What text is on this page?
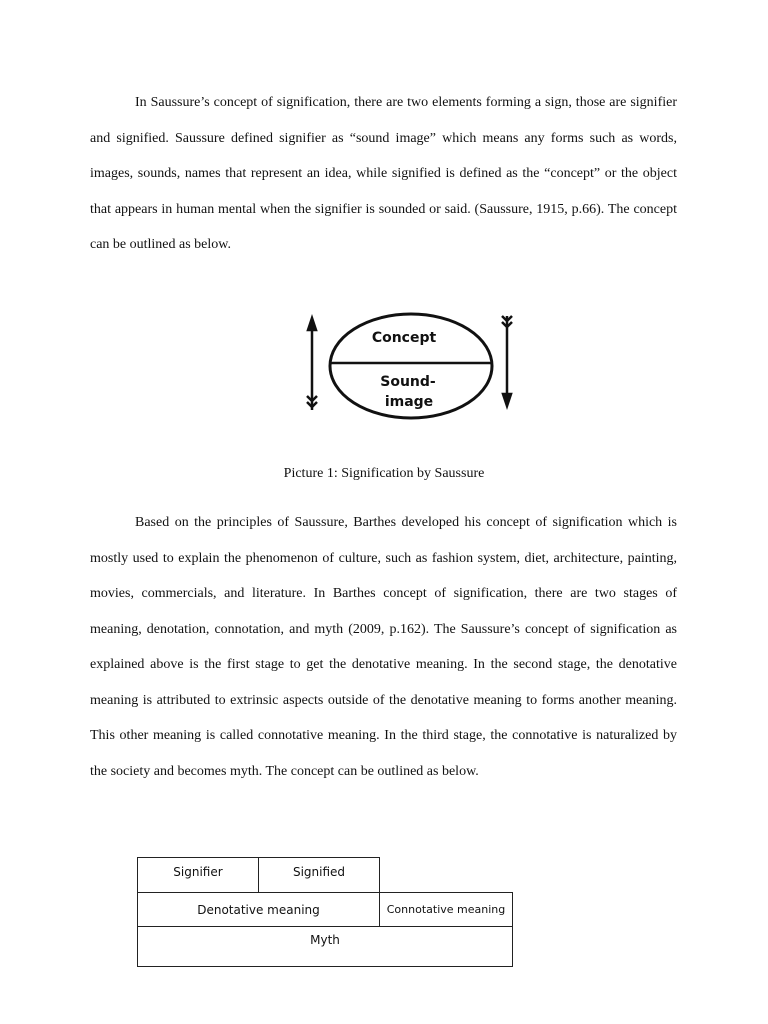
In Saussure’s concept of signification, there are two elements forming a sign, those are signifier and signified. Saussure defined signifier as “sound image” which means any forms such as words, images, sounds, names that represent an idea, while signified is defined as the “concept” or the object that appears in human mental when the signifier is sounded or said. (Saussure, 1915, p.66). The concept can be outlined as below.

Concept
Sound-
image
Picture 1: Signification by Saussure

Based on the principles of Saussure, Barthes developed his concept of signification which is mostly used to explain the phenomenon of culture, such as fashion system, diet, architecture, painting, movies, commercials, and literature. In Barthes concept of signification, there are two stages of meaning, denotation, connotation, and myth (2009, p.162). The Saussure’s concept of signification as explained above is the first stage to get the denotative meaning. In the second stage, the denotative meaning is attributed to extrinsic aspects outside of the denotative meaning to forms another meaning. This other meaning is called connotative meaning. In the third stage, the connotative is naturalized by the society and becomes myth. The concept can be outlined as below.

Signifier	Signified
Denotative meaning	Connotative meaning
Myth
